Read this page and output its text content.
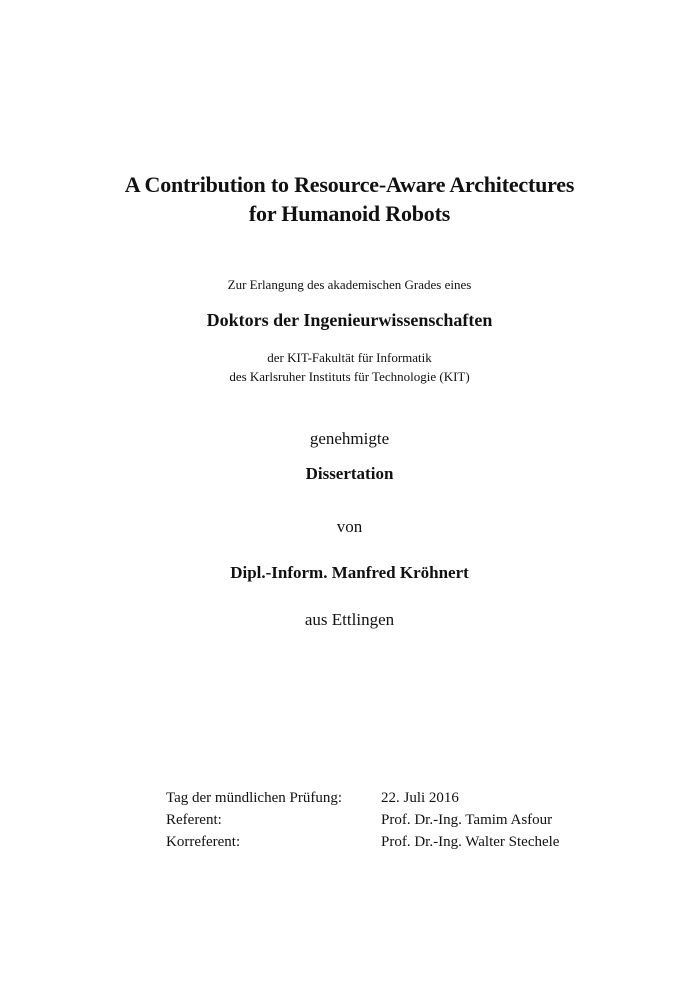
A Contribution to Resource-Aware Architectures
for Humanoid Robots
Zur Erlangung des akademischen Grades eines
Doktors der Ingenieurwissenschaften
der KIT-Fakultät für Informatik
des Karlsruher Instituts für Technologie (KIT)
genehmigte
Dissertation
von
Dipl.-Inform. Manfred Kröhnert
aus Ettlingen
Tag der mündlichen Prüfung:	22. Juli 2016
Referent:	Prof. Dr.-Ing. Tamim Asfour
Korreferent:	Prof. Dr.-Ing. Walter Stechele
